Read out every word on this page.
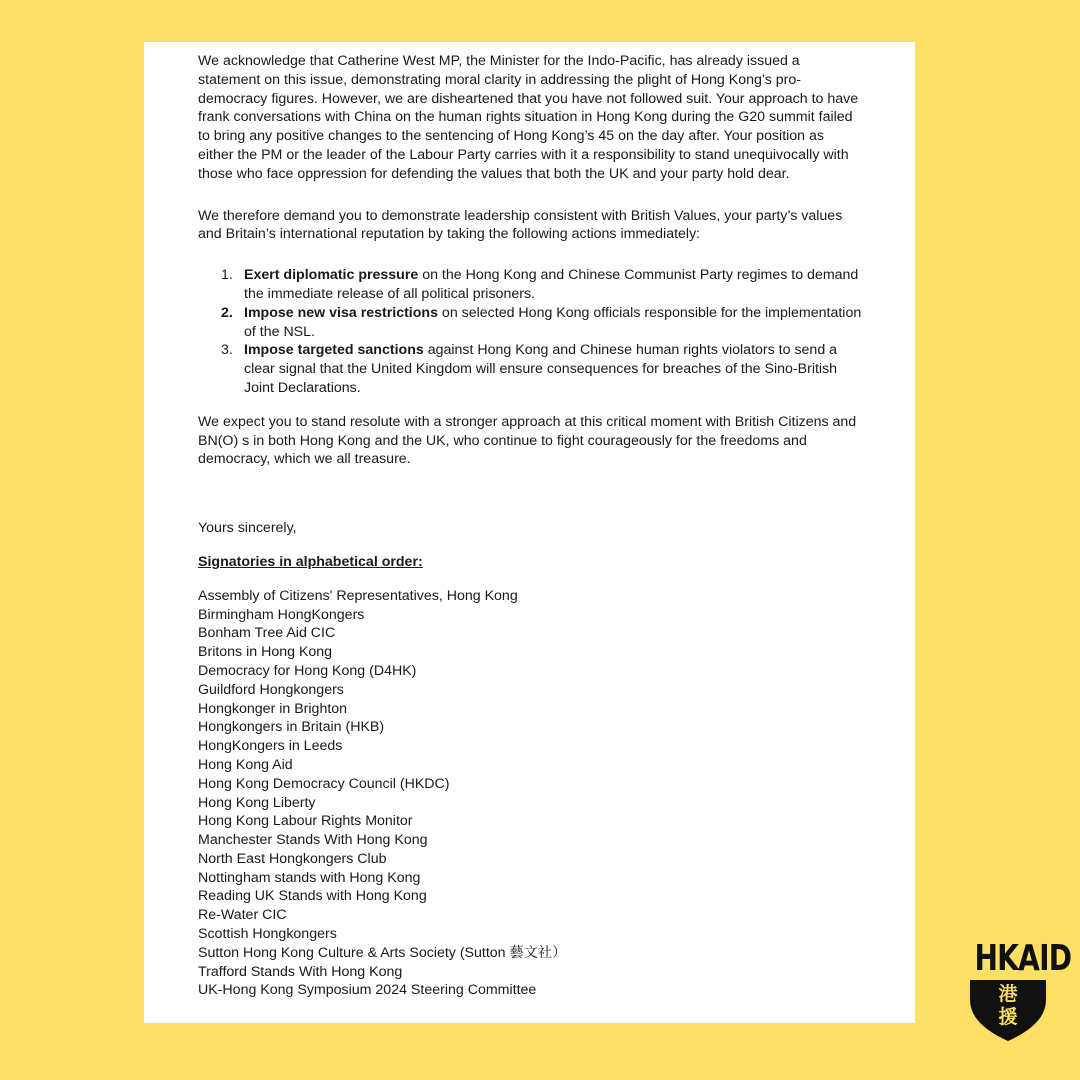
We acknowledge that Catherine West MP, the Minister for the Indo-Pacific, has already issued a statement on this issue, demonstrating moral clarity in addressing the plight of Hong Kong’s pro-democracy figures. However, we are disheartened that you have not followed suit. Your approach to have frank conversations with China on the human rights situation in Hong Kong during the G20 summit failed to bring any positive changes to the sentencing of Hong Kong’s 45 on the day after. Your position as either the PM or the leader of the Labour Party carries with it a responsibility to stand unequivocally with those who face oppression for defending the values that both the UK and your party hold dear.

We therefore demand you to demonstrate leadership consistent with British Values, your party’s values and Britain’s international reputation by taking the following actions immediately:

1. Exert diplomatic pressure on the Hong Kong and Chinese Communist Party regimes to demand the immediate release of all political prisoners.
2. Impose new visa restrictions on selected Hong Kong officials responsible for the implementation of the NSL.
3. Impose targeted sanctions against Hong Kong and Chinese human rights violators to send a clear signal that the United Kingdom will ensure consequences for breaches of the Sino-British Joint Declarations.

We expect you to stand resolute with a stronger approach at this critical moment with British Citizens and BN(O) s in both Hong Kong and the UK, who continue to fight courageously for the freedoms and democracy, which we all treasure.

Yours sincerely,

Signatories in alphabetical order:

Assembly of Citizens' Representatives, Hong Kong
Birmingham HongKongers
Bonham Tree Aid CIC
Britons in Hong Kong
Democracy for Hong Kong (D4HK)
Guildford Hongkongers
Hongkonger in Brighton
Hongkongers in Britain (HKB)
HongKongers in Leeds
Hong Kong Aid
Hong Kong Democracy Council (HKDC)
Hong Kong Liberty
Hong Kong Labour Rights Monitor
Manchester Stands With Hong Kong
North East Hongkongers Club
Nottingham stands with Hong Kong
Reading UK Stands with Hong Kong
Re-Water CIC
Scottish Hongkongers
Sutton Hong Kong Culture & Arts Society (Sutton 藝文社）
Trafford Stands With Hong Kong
UK-Hong Kong Symposium 2024 Steering Committee
HKAID
港
援
